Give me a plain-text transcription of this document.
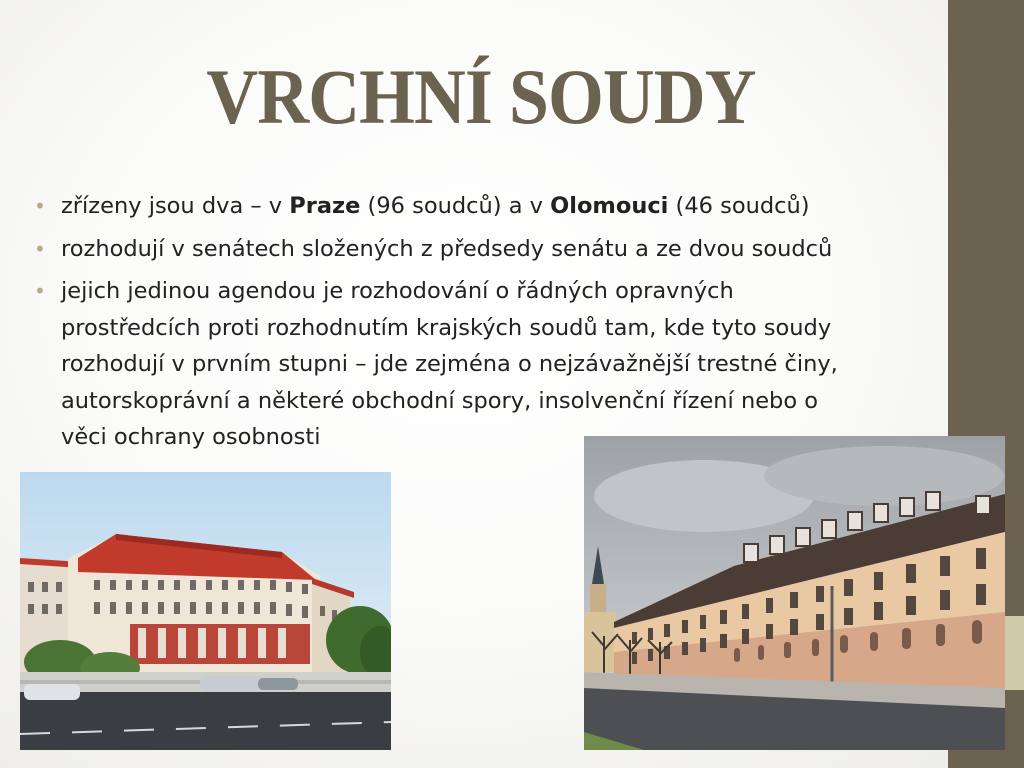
VRCHNÍ SOUDY
• zřízeny jsou dva – v Praze (96 soudců) a v Olomouci (46 soudců)
• rozhodují v senátech složených z předsedy senátu a ze dvou soudců
• jejich jedinou agendou je rozhodování o řádných opravných
prostředcích proti rozhodnutím krajských soudů tam, kde tyto soudy
rozhodují v prvním stupni – jde zejména o nejzávažnější trestné činy,
autorskoprávní a některé obchodní spory, insolvenční řízení nebo o
věci ochrany osobnosti
